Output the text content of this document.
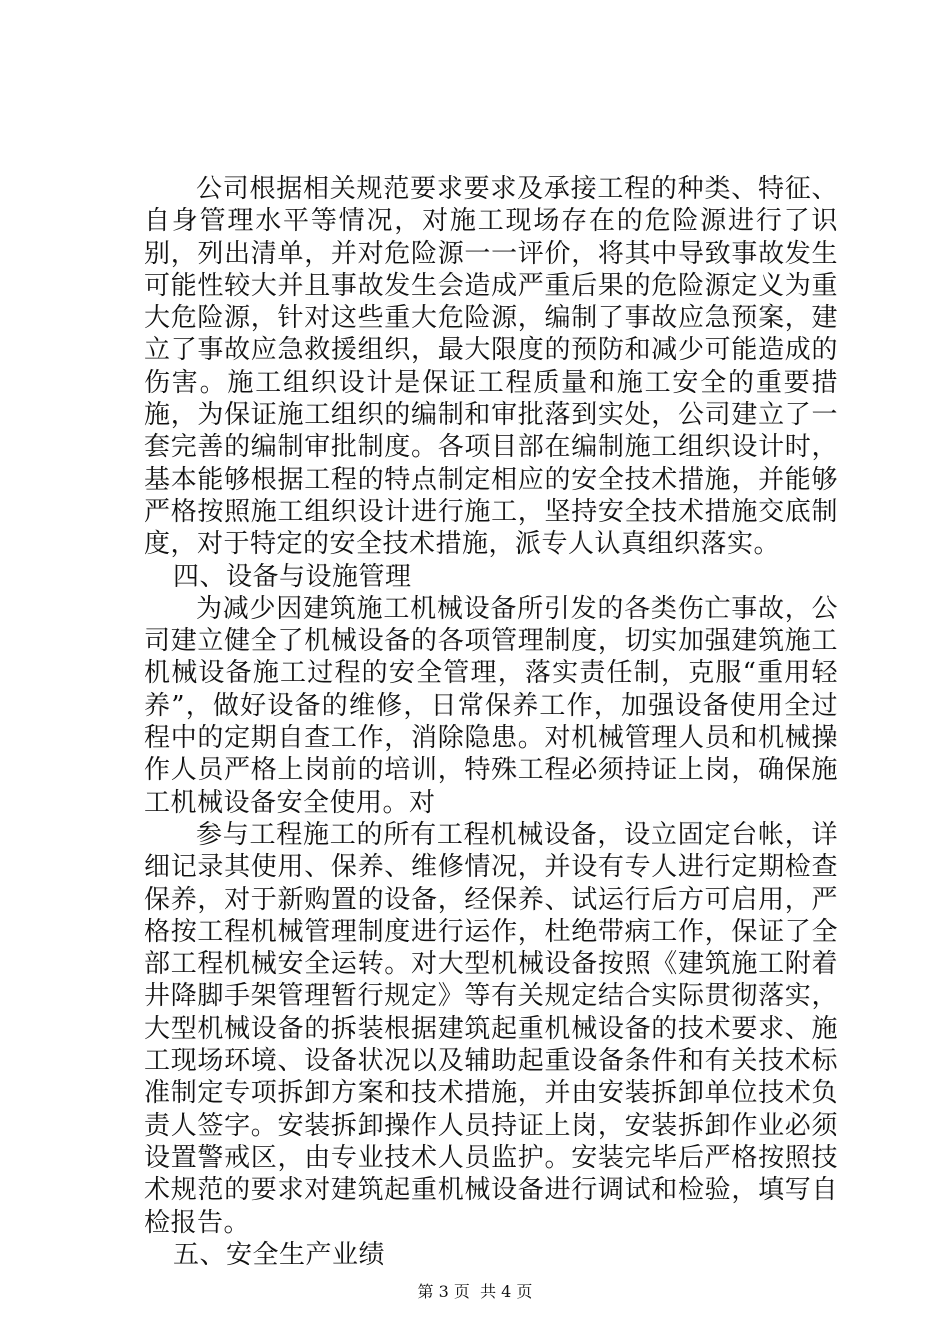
公司根据相关规范要求要求及承接工程的种类、特征、自身管理水平等情况，对施工现场存在的危险源进行了识别，列出清单，并对危险源一一评价，将其中导致事故发生可能性较大并且事故发生会造成严重后果的危险源定义为重大危险源，针对这些重大危险源，编制了事故应急预案，建立了事故应急救援组织，最大限度的预防和减少可能造成的伤害。施工组织设计是保证工程质量和施工安全的重要措施，为保证施工组织的编制和审批落到实处，公司建立了一套完善的编制审批制度。各项目部在编制施工组织设计时，基本能够根据工程的特点制定相应的安全技术措施，并能够严格按照施工组织设计进行施工，坚持安全技术措施交底制度，对于特定的安全技术措施，派专人认真组织落实。

四、设备与设施管理

为减少因建筑施工机械设备所引发的各类伤亡事故，公司建立健全了机械设备的各项管理制度，切实加强建筑施工机械设备施工过程的安全管理，落实责任制，克服“重用轻养”，做好设备的维修，日常保养工作，加强设备使用全过程中的定期自查工作，消除隐患。对机械管理人员和机械操作人员严格上岗前的培训，特殊工程必须持证上岗，确保施工机械设备安全使用。对

参与工程施工的所有工程机械设备，设立固定台帐，详细记录其使用、保养、维修情况，并设有专人进行定期检查保养，对于新购置的设备，经保养、试运行后方可启用，严格按工程机械管理制度进行运作，杜绝带病工作，保证了全部工程机械安全运转。对大型机械设备按照《建筑施工附着井降脚手架管理暂行规定》等有关规定结合实际贯彻落实，大型机械设备的拆装根据建筑起重机械设备的技术要求、施工现场环境、设备状况以及辅助起重设备条件和有关技术标准制定专项拆卸方案和技术措施，并由安装拆卸单位技术负责人签字。安装拆卸操作人员持证上岗，安装拆卸作业必须设置警戒区，由专业技术人员监护。安装完毕后严格按照技术规范的要求对建筑起重机械设备进行调试和检验，填写自检报告。

五、安全生产业绩

第 3 页  共 4 页
